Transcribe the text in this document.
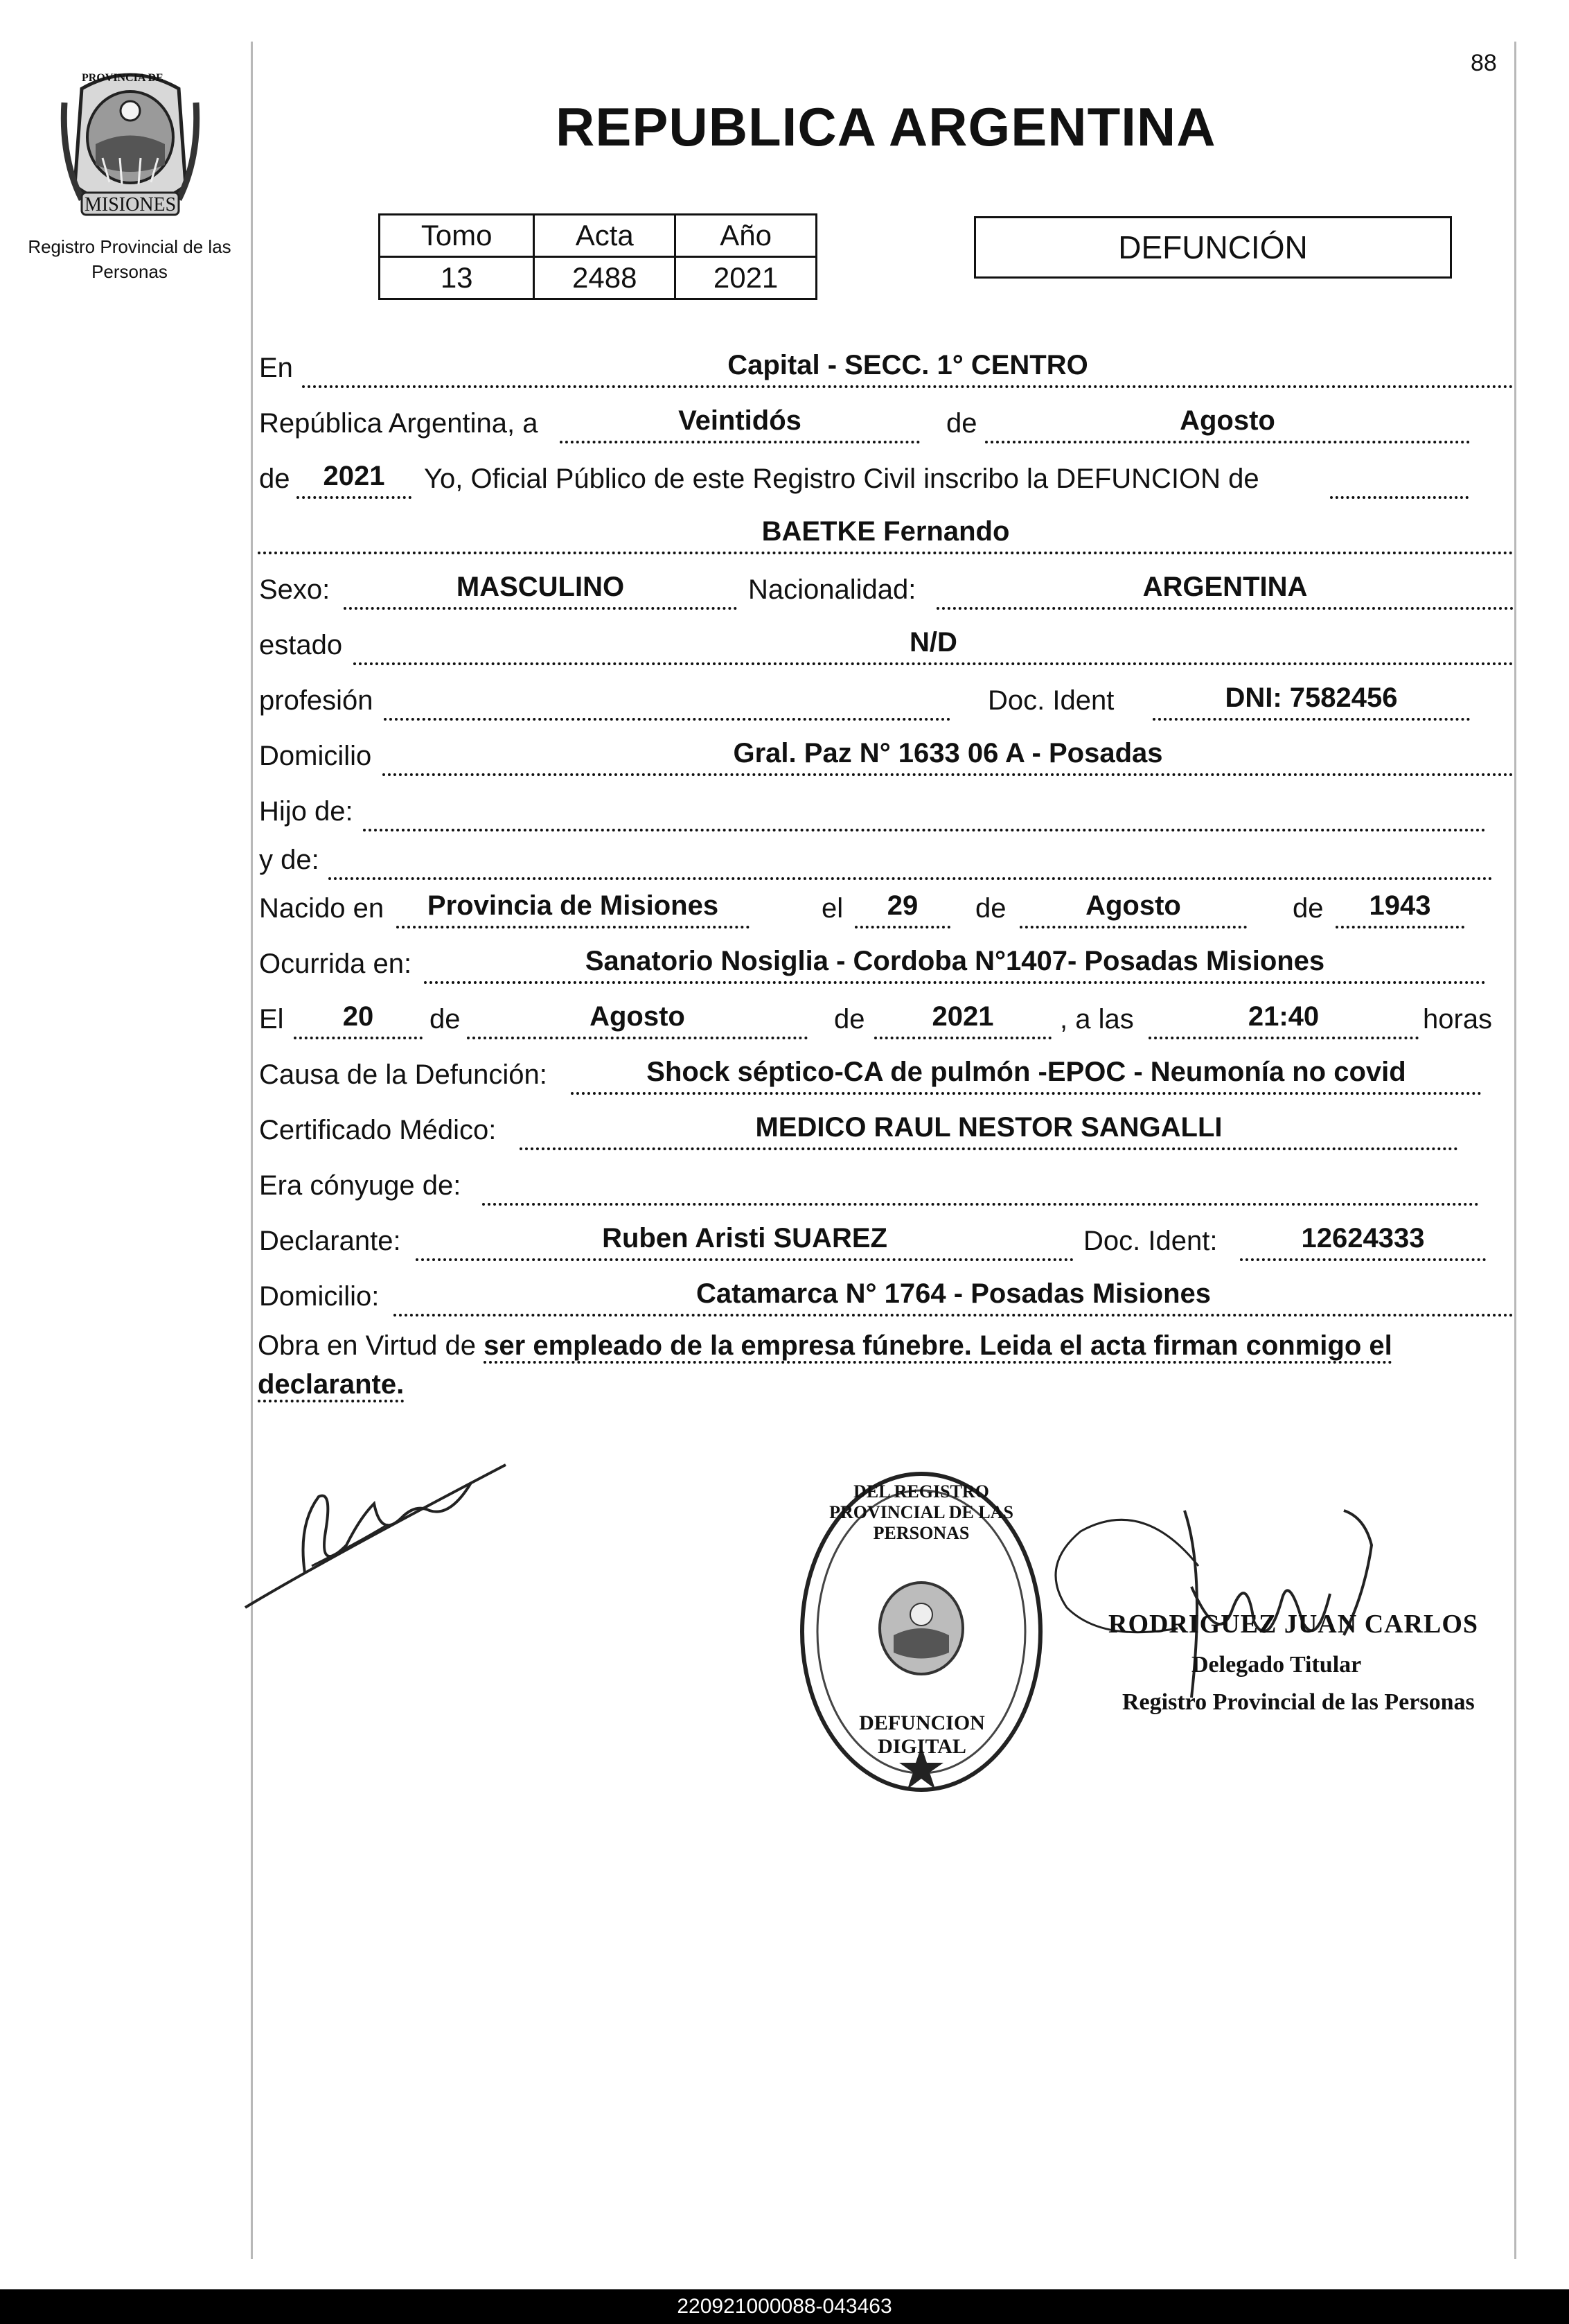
88
PROVINCIA DE
MISIONES
Registro Provincial de las Personas
REPUBLICA ARGENTINA
Tomo	Acta	Año
13	2488	2021
DEFUNCIÓN
En	Capital - SECC. 1° CENTRO
República Argentina, a	Veintidós	de	Agosto
de	2021	Yo, Oficial Público de este Registro Civil inscribo la DEFUNCION de
BAETKE Fernando
Sexo:	MASCULINO	Nacionalidad:	ARGENTINA
estado	N/D
profesión	Doc. Ident	DNI: 7582456
Domicilio	Gral. Paz N° 1633 06 A - Posadas
Hijo de:
y de:
Nacido en	Provincia de Misiones	el	29	de	Agosto	de	1943
Ocurrida en:	Sanatorio Nosiglia - Cordoba N°1407- Posadas Misiones
El	20	de	Agosto	de	2021	, a las	21:40	horas
Causa de la Defunción:	Shock séptico-CA de pulmón -EPOC - Neumonía no covid
Certificado Médico:	MEDICO RAUL NESTOR SANGALLI
Era cónyuge de:
Declarante:	Ruben Aristi SUAREZ	Doc. Ident:	12624333
Domicilio:	Catamarca N° 1764 - Posadas Misiones
Obra en Virtud de ser empleado de la empresa fúnebre. Leida el acta firman conmigo el declarante.
DEL REGISTRO PROVINCIAL DE LAS PERSONAS
DEFUNCION DIGITAL
RODRIGUEZ JUAN CARLOS
Delegado Titular
Registro Provincial de las Personas
220921000088-043463
